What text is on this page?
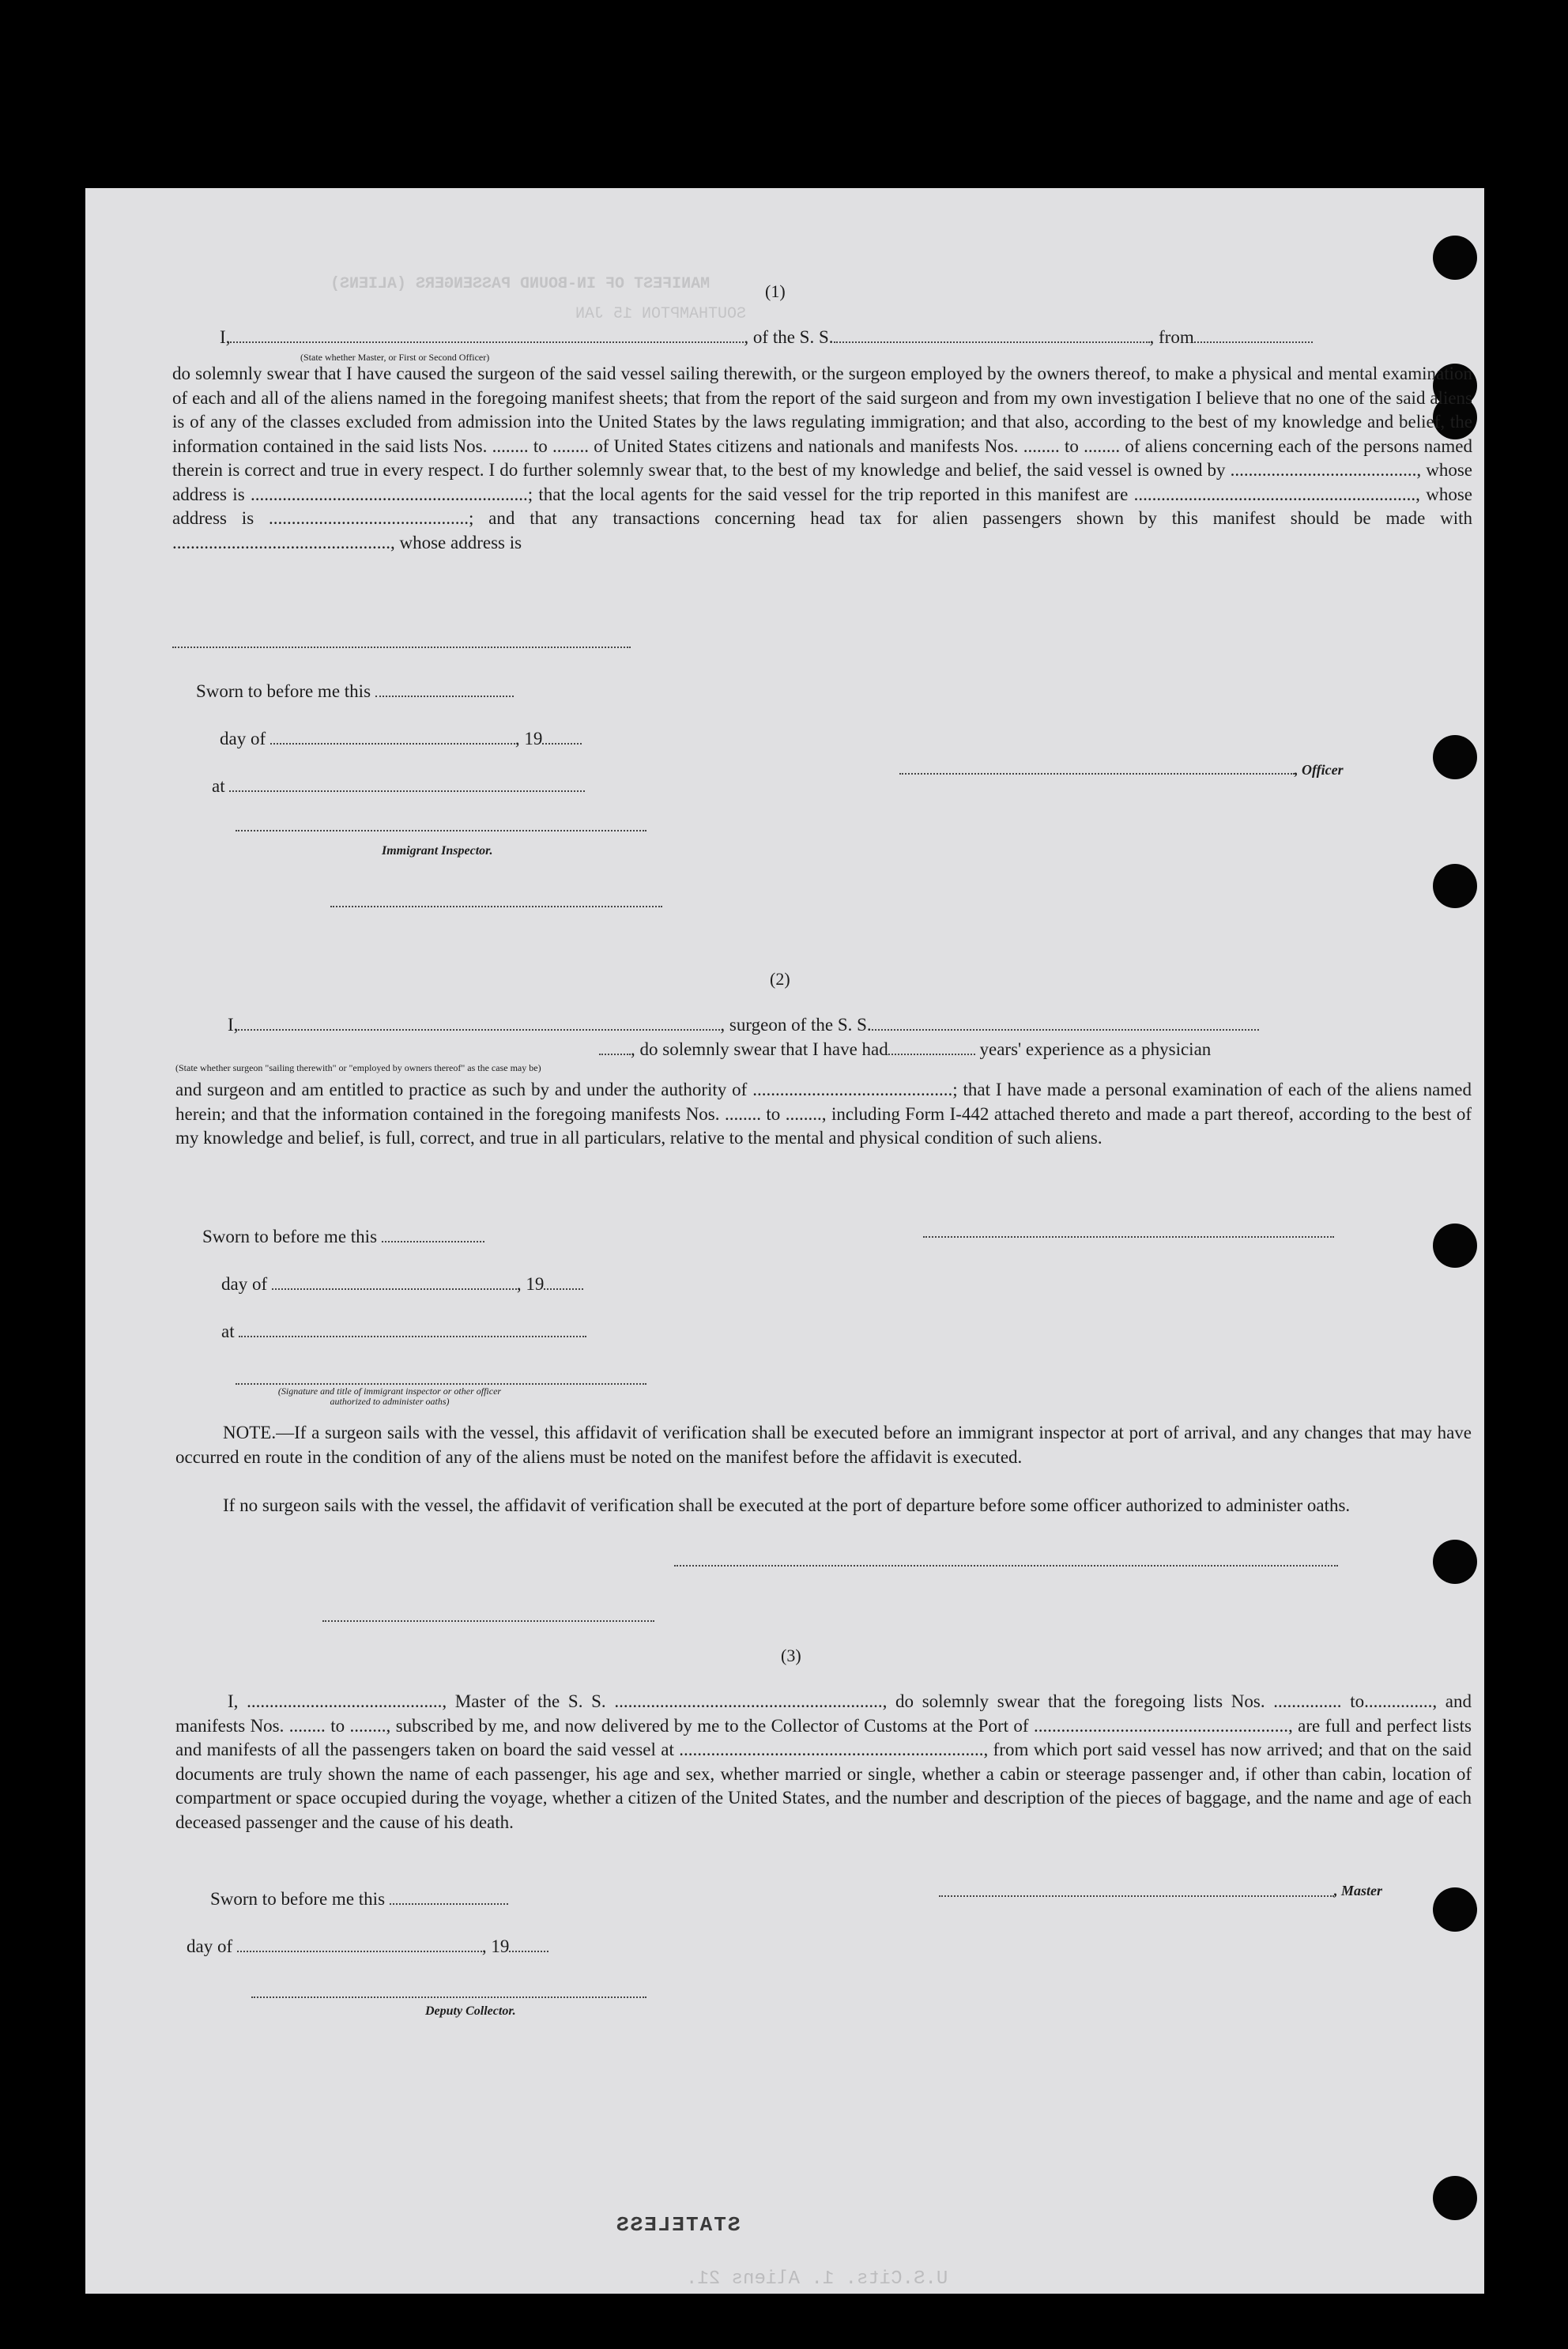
MANIFEST OF IN-BOUND PASSENGERS (ALIENS)
SOUTHAMPTON 15 JAN
STATELESS
U.S.Cits. 1. Aliens 21.
(1)
I,	, of the S. S.	, from
(State whether Master, or First or Second Officer)
do solemnly swear that I have caused the surgeon of the said vessel sailing therewith, or the surgeon employed by the owners thereof, to make a physical and mental examination of each and all of the aliens named in the foregoing manifest sheets; that from the report of the said surgeon and from my own investigation I believe that no one of the said aliens is of any of the classes excluded from admission into the United States by the laws regulating immigration; and that also, according to the best of my knowledge and belief, the information contained in the said lists Nos. ........ to ........ of United States citizens and nationals and manifests Nos. ........ to ........ of aliens concerning each of the persons named therein is correct and true in every respect. I do further solemnly swear that, to the best of my knowledge and belief, the said vessel is owned by ........................................., whose address is .............................................................; that the local agents for the said vessel for the trip reported in this manifest are .............................................................., whose address is ............................................; and that any transactions concerning head tax for alien passengers shown by this manifest should be made with ................................................, whose address is
Sworn to before me this
day of	, 19
at
, Officer
Immigrant Inspector.
(2)
I,	, surgeon of the S. S.
, do solemnly swear that I have had	years' experience as a physician
(State whether surgeon "sailing therewith" or "employed by owners thereof" as the case may be)
and surgeon and am entitled to practice as such by and under the authority of ............................................; that I have made a personal examination of each of the aliens named herein; and that the information contained in the foregoing manifests Nos. ........ to ........, including Form I-442 attached thereto and made a part thereof, according to the best of my knowledge and belief, is full, correct, and true in all particulars, relative to the mental and physical condition of such aliens.
Sworn to before me this
day of	, 19
at
(Signature and title of immigrant inspector or other officer authorized to administer oaths)
NOTE.—If a surgeon sails with the vessel, this affidavit of verification shall be executed before an immigrant inspector at port of arrival, and any changes that may have occurred en route in the condition of any of the aliens must be noted on the manifest before the affidavit is executed.
If no surgeon sails with the vessel, the affidavit of verification shall be executed at the port of departure before some officer authorized to administer oaths.
(3)
I, ..........................................., Master of the S. S. ..........................................................., do solemnly swear that the foregoing lists Nos. ............... to..............., and manifests Nos. ........ to ........, subscribed by me, and now delivered by me to the Collector of Customs at the Port of ........................................................, are full and perfect lists and manifests of all the passengers taken on board the said vessel at ..................................................................., from which port said vessel has now arrived; and that on the said documents are truly shown the name of each passenger, his age and sex, whether married or single, whether a cabin or steerage passenger and, if other than cabin, location of compartment or space occupied during the voyage, whether a citizen of the United States, and the number and description of the pieces of baggage, and the name and age of each deceased passenger and the cause of his death.
Sworn to before me this
day of	, 19
, Master
Deputy Collector.
